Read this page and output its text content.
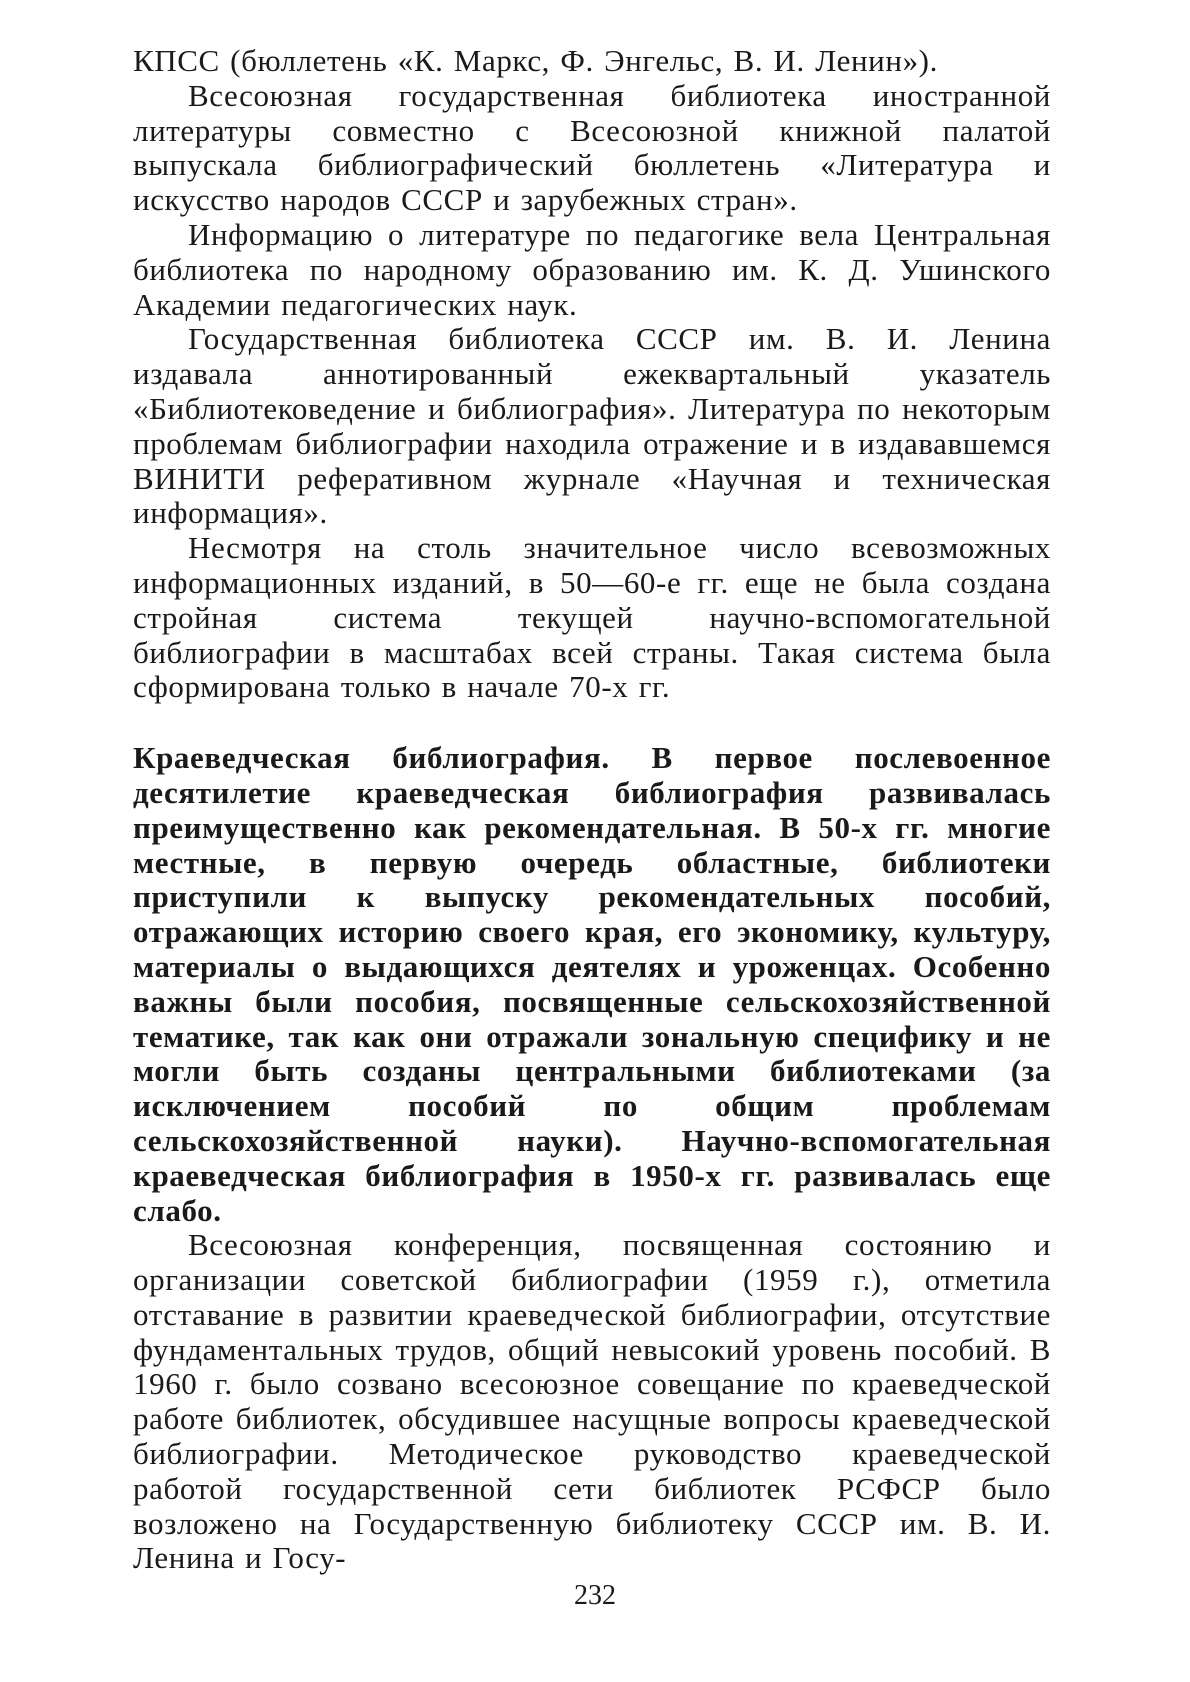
КПСС (бюллетень «К. Маркс, Ф. Энгельс, В. И. Ленин»).

Всесоюзная государственная библиотека иностранной литературы совместно с Всесоюзной книжной палатой выпускала библиографический бюллетень «Литература и искусство народов СССР и зарубежных стран».

Информацию о литературе по педагогике вела Центральная библиотека по народному образованию им. К. Д. Ушинского Академии педагогических наук.

Государственная библиотека СССР им. В. И. Ленина издавала аннотированный ежеквартальный указатель «Библиотековедение и библиография». Литература по некоторым проблемам библиографии находила отражение и в издававшемся ВИНИТИ реферативном журнале «Научная и техническая информация».

Несмотря на столь значительное число всевозможных информационных изданий, в 50—60-е гг. еще не была создана стройная система текущей научно-вспомогательной библиографии в масштабах всей страны. Такая система была сформирована только в начале 70-х гг.

Краеведческая библиография. В первое послевоенное десятилетие краеведческая библиография развивалась преимущественно как рекомендательная. В 50-х гг. многие местные, в первую очередь областные, библиотеки приступили к выпуску рекомендательных пособий, отражающих историю своего края, его экономику, культуру, материалы о выдающихся деятелях и уроженцах. Особенно важны были пособия, посвященные сельскохозяйственной тематике, так как они отражали зональную специфику и не могли быть созданы центральными библиотеками (за исключением пособий по общим проблемам сельскохозяйственной науки). Научно-вспомогательная краеведческая библиография в 1950-х гг. развивалась еще слабо.

Всесоюзная конференция, посвященная состоянию и организации советской библиографии (1959 г.), отметила отставание в развитии краеведческой библиографии, отсутствие фундаментальных трудов, общий невысокий уровень пособий. В 1960 г. было созвано всесоюзное совещание по краеведческой работе библиотек, обсудившее насущные вопросы краеведческой библиографии. Методическое руководство краеведческой работой государственной сети библиотек РСФСР было возложено на Государственную библиотеку СССР им. В. И. Ленина и Госу-

232
